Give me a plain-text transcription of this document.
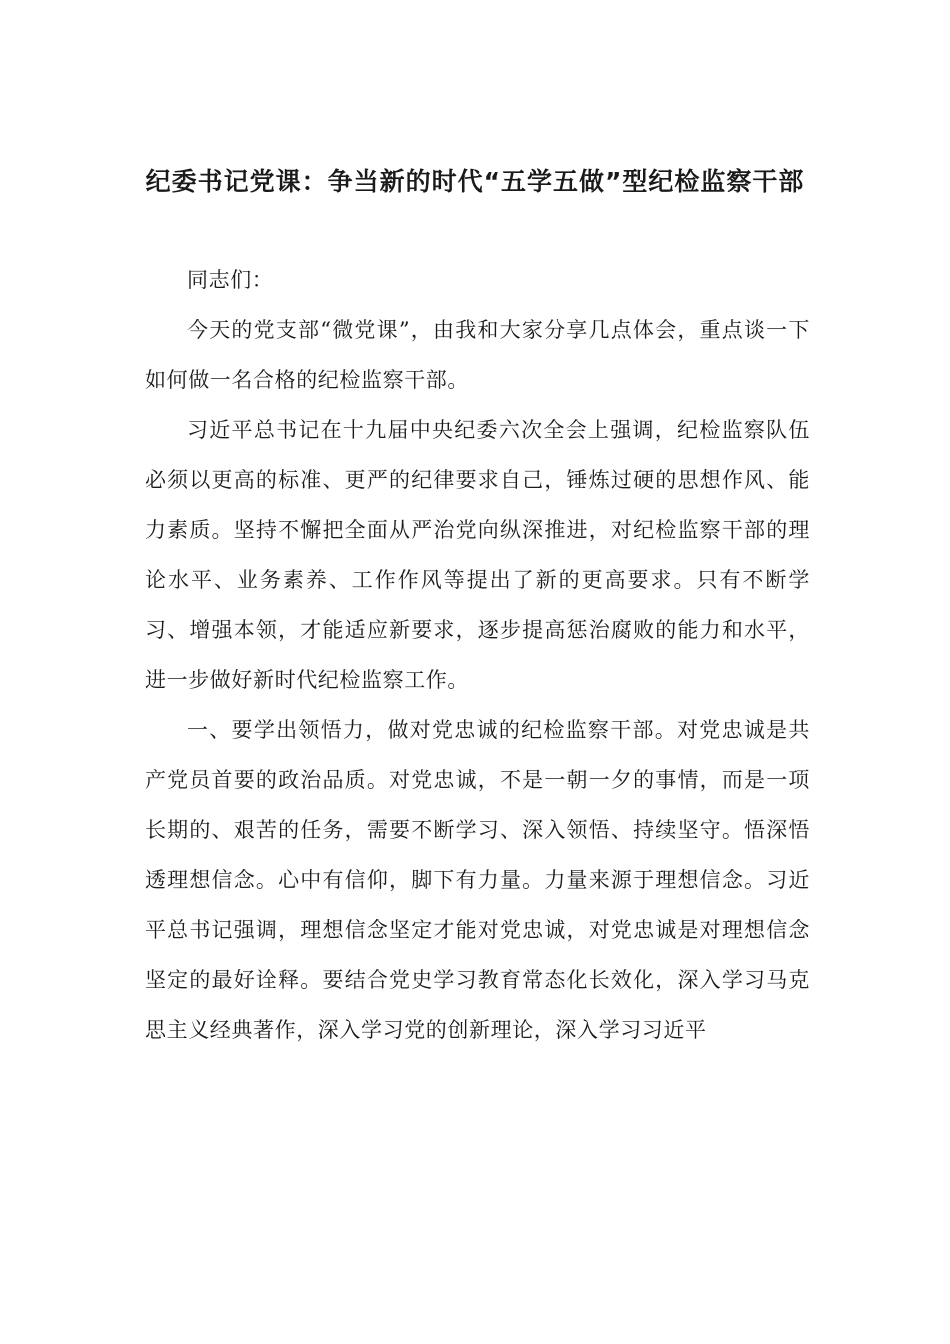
纪委书记党课：争当新的时代“五学五做”型纪检监察干部

同志们：

今天的党支部“微党课”，由我和大家分享几点体会，重点谈一下如何做一名合格的纪检监察干部。

习近平总书记在十九届中央纪委六次全会上强调，纪检监察队伍必须以更高的标准、更严的纪律要求自己，锤炼过硬的思想作风、能力素质。坚持不懈把全面从严治党向纵深推进，对纪检监察干部的理论水平、业务素养、工作作风等提出了新的更高要求。只有不断学习、增强本领，才能适应新要求，逐步提高惩治腐败的能力和水平，进一步做好新时代纪检监察工作。

一、要学出领悟力，做对党忠诚的纪检监察干部。对党忠诚是共产党员首要的政治品质。对党忠诚，不是一朝一夕的事情，而是一项长期的、艰苦的任务，需要不断学习、深入领悟、持续坚守。悟深悟透理想信念。心中有信仰，脚下有力量。力量来源于理想信念。习近平总书记强调，理想信念坚定才能对党忠诚，对党忠诚是对理想信念坚定的最好诠释。要结合党史学习教育常态化长效化，深入学习马克思主义经典著作，深入学习党的创新理论，深入学习习近平
